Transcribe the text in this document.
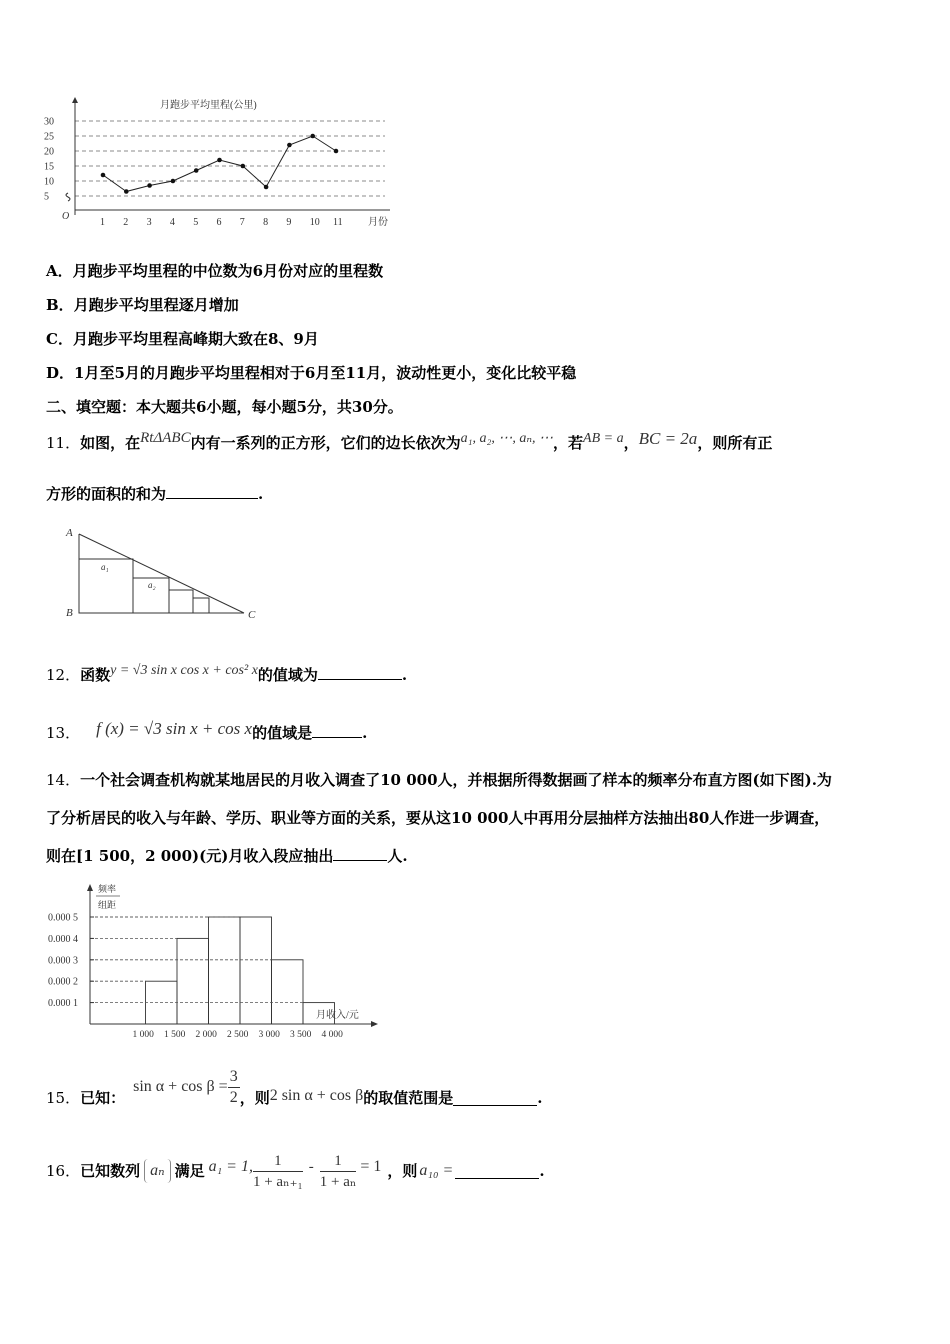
月跑步平均里程(公里)
O
月份
5
10
15
20
25
30
1 2 3 4 5 6 7 8 9 10 11
A．月跑步平均里程的中位数为6月份对应的里程数
B．月跑步平均里程逐月增加
C．月跑步平均里程高峰期大致在8、9月
D．1月至5月的月跑步平均里程相对于6月至11月，波动性更小，变化比较平稳
二、填空题：本大题共6小题，每小题5分，共30分。
11．如图，在RtΔABC内有一系列的正方形，它们的边长依次为a₁, a₂, ⋯, aₙ, ⋯，若AB = a，BC = 2a，则所有正
方形的面积的和为	.
A
B	C
a₁
a₂
12．函数y = √3 sin x cos x + cos² x的值域为	.
13． f (x) = √3 sin x + cos x的值域是	.
14．一个社会调查机构就某地居民的月收入调查了10 000人，并根据所得数据画了样本的频率分布直方图(如下图).为
了分析居民的收入与年龄、学历、职业等方面的关系，要从这10 000人中再用分层抽样方法抽出80人作进一步调查，
则在[1 500，2 000)(元)月收入段应抽出	人.
频率
组距
月收入/元
0.000 1
0.000 2
0.000 3
0.000 4
0.000 5
1 000 1 500 2 000 2 500 3 000 3 500 4 000
15． 已知：
$\sin \alpha + \cos \beta = \frac{3}{2}$ ，则 2 sin α + cos β 的取值范围是	.
16． 已知数列 aₙ 满足 a₁ = 1, $\frac{1}{\text{1 + aₙ₊₁}} - \frac{1}{\text{1 + aₙ}} = 1$ ，则 a₁₀ =	.
